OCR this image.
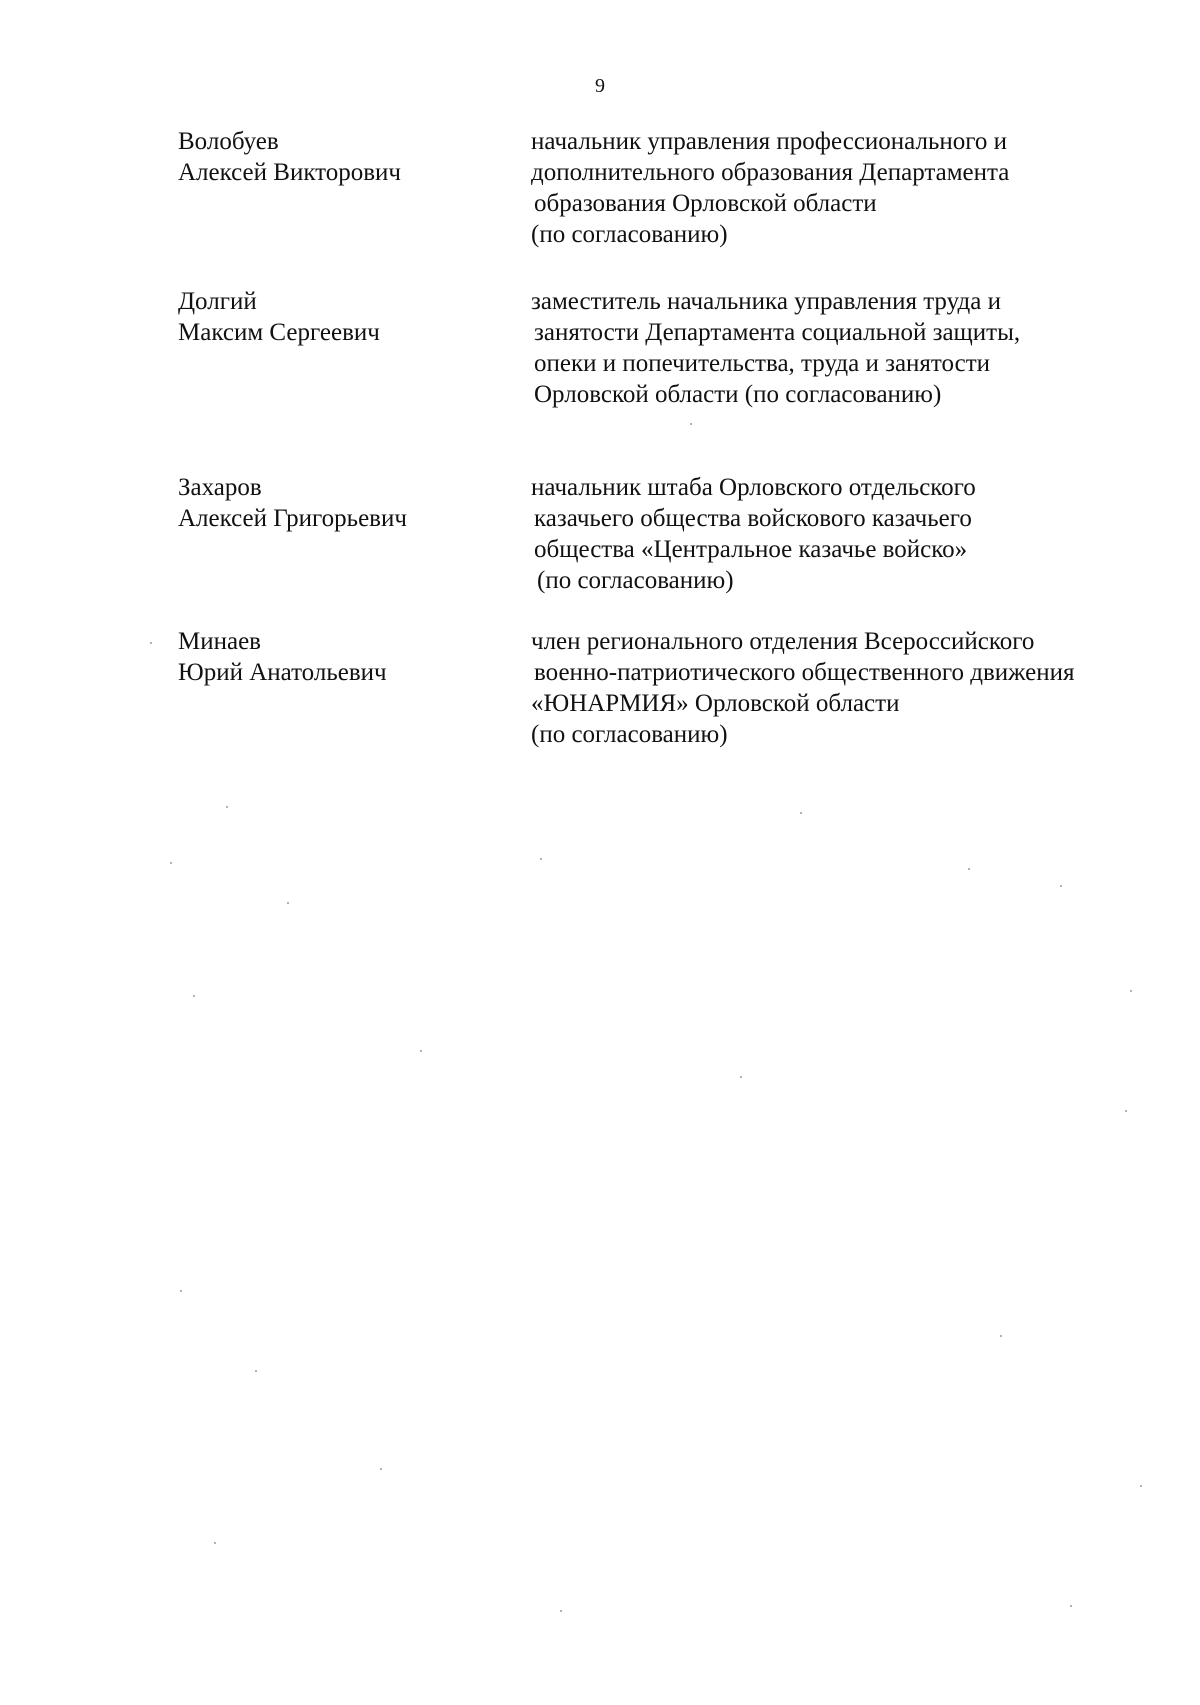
9
Волобуев
Алексей Викторович
начальник управления профессионального и
дополнительного образования Департамента
образования Орловской области
(по согласованию)
Долгий
Максим Сергеевич
заместитель начальника управления труда и
занятости Департамента социальной защиты,
опеки и попечительства, труда и занятости
Орловской области (по согласованию)
Захаров
Алексей Григорьевич
начальник штаба Орловского отдельского
казачьего общества войскового казачьего
общества «Центральное казачье войско»
(по согласованию)
Минаев
Юрий Анатольевич
член регионального отделения Всероссийского
военно-патриотического общественного движения
«ЮНАРМИЯ» Орловской области
(по согласованию)
